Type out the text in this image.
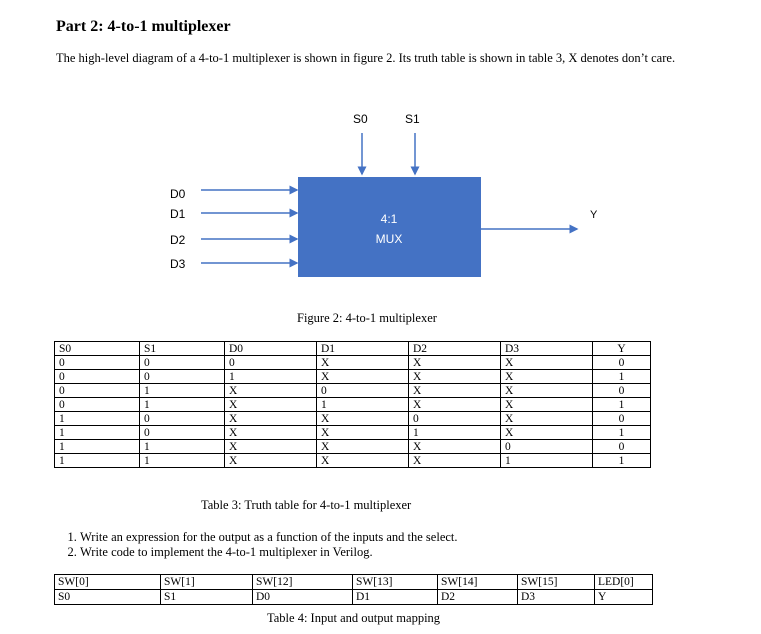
Part 2: 4-to-1 multiplexer
The high-level diagram of a 4-to-1 multiplexer is shown in figure 2. Its truth table is shown in table 3, X denotes don’t care.
S0	S1
D0
D1
D2
D3
4:1
MUX
Y
Figure 2: 4-to-1 multiplexer
S0	S1	D0	D1	D2	D3	Y
0	0	0	X	X	X	0
0	0	1	X	X	X	1
0	1	X	0	X	X	0
0	1	X	1	X	X	1
1	0	X	X	0	X	0
1	0	X	X	1	X	1
1	1	X	X	X	0	0
1	1	X	X	X	1	1
Table 3: Truth table for 4-to-1 multiplexer
1. Write an expression for the output as a function of the inputs and the select.
2. Write code to implement the 4-to-1 multiplexer in Verilog.
SW[0]	SW[1]	SW[12]	SW[13]	SW[14]	SW[15]	LED[0]
S0	S1	D0	D1	D2	D3	Y
Table 4: Input and output mapping
